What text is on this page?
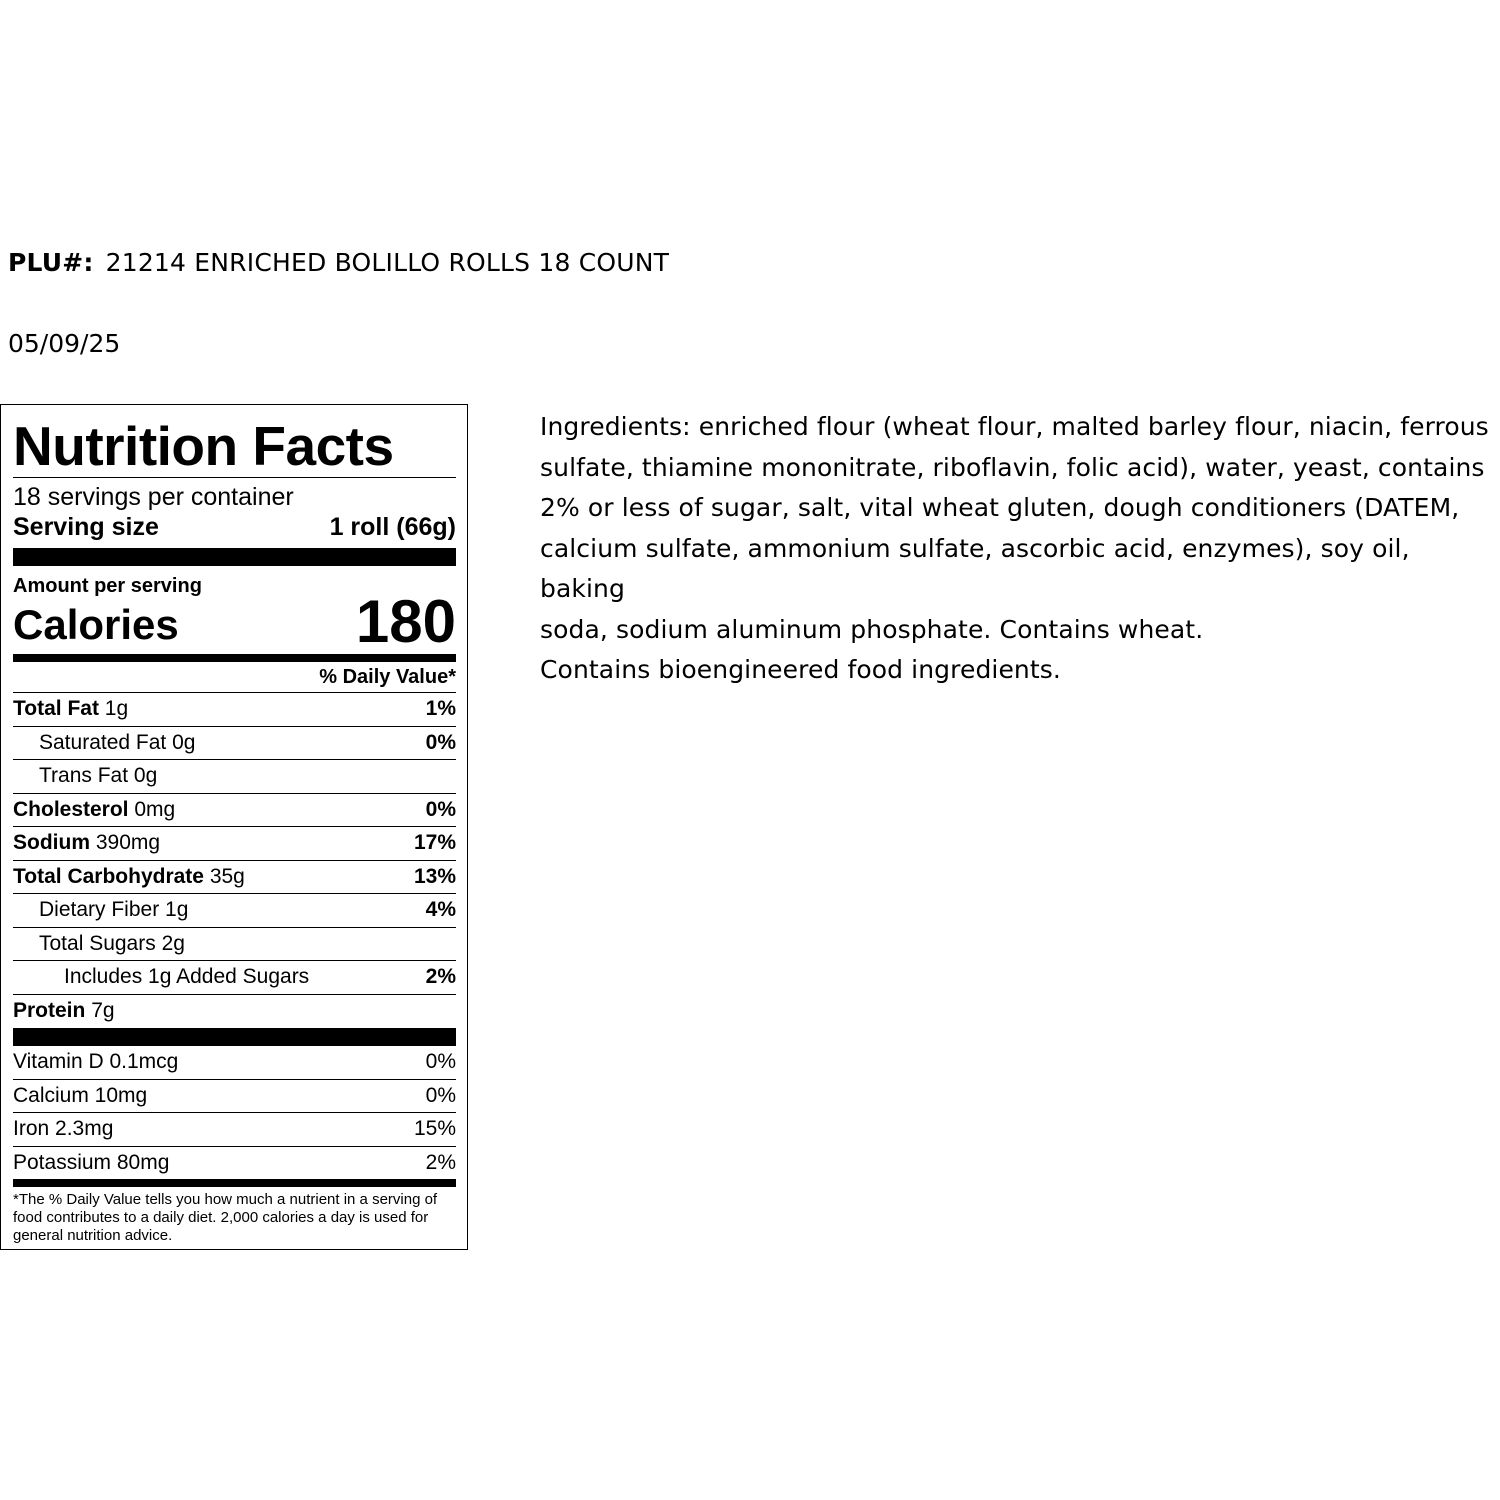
PLU#: 21214 ENRICHED BOLILLO ROLLS 18 COUNT
05/09/25
Nutrition Facts
18 servings per container
Serving size	1 roll (66g)
Amount per serving
Calories	180
% Daily Value*
Total Fat 1g	1%
Saturated Fat 0g	0%
Trans Fat 0g
Cholesterol 0mg	0%
Sodium 390mg	17%
Total Carbohydrate 35g	13%
Dietary Fiber 1g	4%
Total Sugars 2g
Includes 1g Added Sugars	2%
Protein 7g
Vitamin D 0.1mcg	0%
Calcium 10mg	0%
Iron 2.3mg	15%
Potassium 80mg	2%
*The % Daily Value tells you how much a nutrient in a serving of food contributes to a daily diet. 2,000 calories a day is used for general nutrition advice.
Ingredients: enriched flour (wheat flour, malted barley flour, niacin, ferrous
sulfate, thiamine mononitrate, riboflavin, folic acid), water, yeast, contains
2% or less of sugar, salt, vital wheat gluten, dough conditioners (DATEM,
calcium sulfate, ammonium sulfate, ascorbic acid, enzymes), soy oil, baking
soda, sodium aluminum phosphate. Contains wheat.
Contains bioengineered food ingredients.
